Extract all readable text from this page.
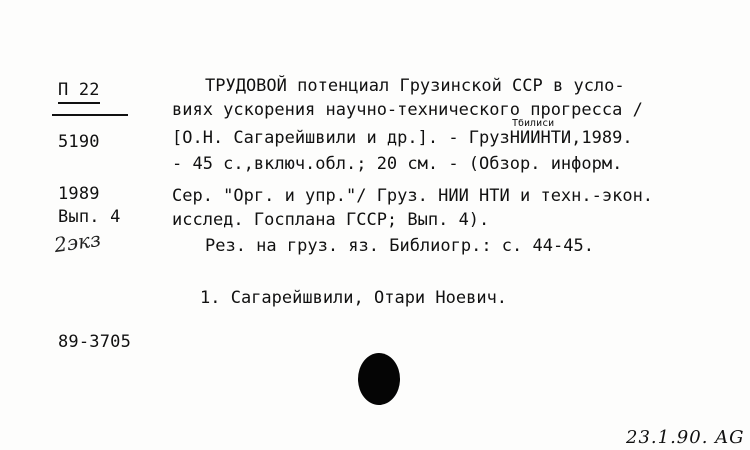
П 22
5190
1989
Вып. 4
2экз
89-3705
ТРУДОВОЙ потенциал Грузинской ССР в усло-
виях ускорения научно-технического прогресса /
Тбилиси
[О.Н. Сагарейшвили и др.]. - ГрузНИИНТИ,1989.
- 45 с.,включ.обл.; 20 см. - (Обзор. информ.
Сер. "Орг. и упр."/ Груз. НИИ НТИ и техн.-экон.
исслед. Госплана ГССР; Вып. 4).
Рез. на груз. яз. Библиогр.: с. 44-45.
1. Сагарейшвили, Отари Ноевич.
23.1.90. AG
